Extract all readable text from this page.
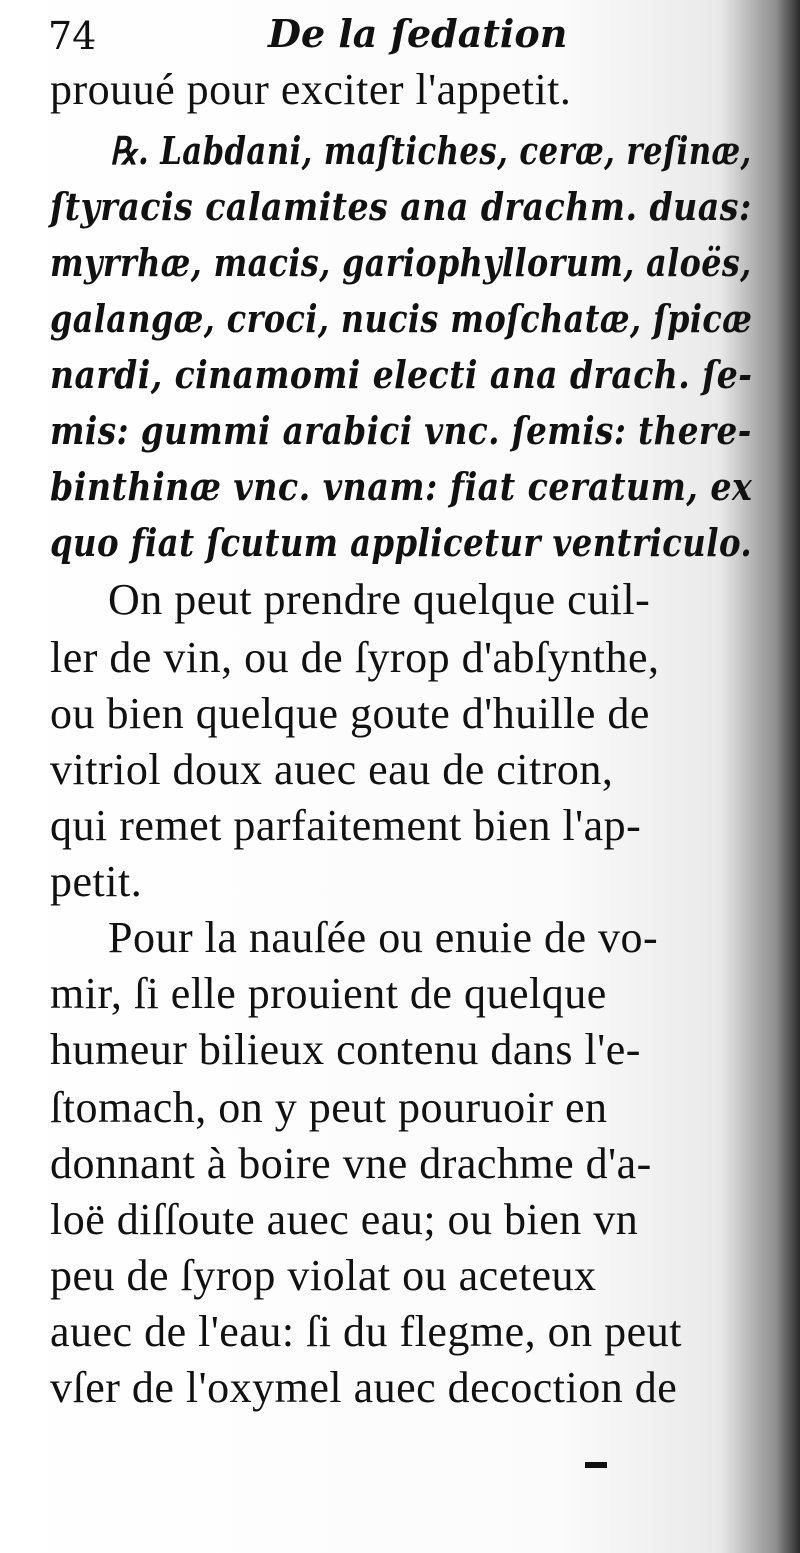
74	De la ſedation
prouué pour exciter l'appetit.
℞. Labdani, maſtiches, ceræ, reſinæ,
ſtyracis calamites ana drachm. duas:
myrrhæ, macis, gariophyllorum, aloës,
galangæ, croci, nucis moſchatæ, ſpicæ
nardi, cinamomi electi ana drach. ſe-
mis: gummi arabici vnc. ſemis: there-
binthinæ vnc. vnam: fiat ceratum, ex
quo fiat ſcutum applicetur ventriculo.
On peut prendre quelque cuil-
ler de vin, ou de ſyrop d'abſynthe,
ou bien quelque goute d'huille de
vitriol doux auec eau de citron,
qui remet parfaitement bien l'ap-
petit.
Pour la nauſée ou enuie de vo-
mir, ſi elle prouient de quelque
humeur bilieux contenu dans l'e-
ſtomach, on y peut pouruoir en
donnant à boire vne drachme d'a-
loë diſſoute auec eau; ou bien vn
peu de ſyrop violat ou aceteux
auec de l'eau: ſi du flegme, on peut
vſer de l'oxymel auec decoction de
